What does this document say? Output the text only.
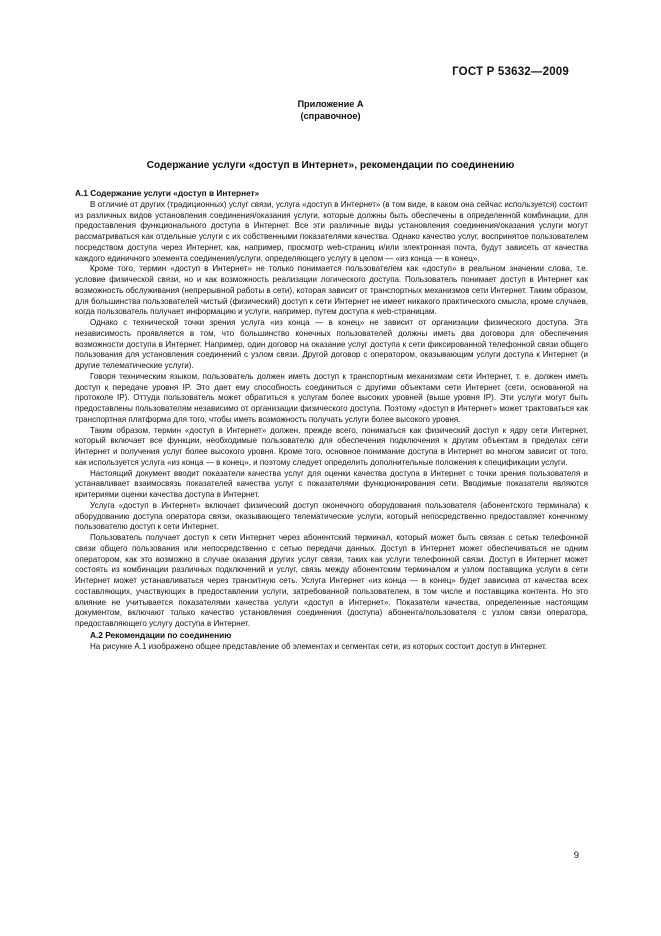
ГОСТ Р 53632—2009
Приложение А
(справочное)
Содержание услуги «доступ в Интернет», рекомендации по соединению
А.1 Содержание услуги «доступ в Интернет»

В отличие от других (традиционных) услуг связи, услуга «доступ в Интернет» (в том виде, в каком она сейчас используется) состоит из различных видов установления соединения/оказания услуги, которые должны быть обеспечены в определенной комбинации, для предоставления функционального доступа в Интернет. Все эти различные виды установления соединения/оказания услуги могут рассматриваться как отдельные услуги с их собственными показателями качества. Однако качество услуг, воспринятое пользователем посредством доступа через Интернет, как, например, просмотр web-страниц и/или электронная почта, будут зависеть от качества каждого единичного элемента соединения/услуги, определяющего услугу в целом — «из конца — в конец».

Кроме того, термин «доступ в Интернет» не только понимается пользователем как «доступ» в реальном значении слова, т.е. условие физической связи, но и как возможность реализации логического доступа. Пользователь понимает доступ в Интернет как возможность обслуживания (непрерывной работы в сети), которая зависит от транспортных механизмов сети Интернет. Таким образом, для большинства пользователей чистый (физический) доступ к сети Интернет не имеет никакого практического смысла, кроме случаев, когда пользователь получает информацию и услуги, например, путем доступа к web-страницам.

Однако с технической точки зрения услуга «из конца — в конец» не зависит от организации физического доступа. Эта независимость проявляется в том, что большинство конечных пользователей должны иметь два договора для обеспечения возможности доступа в Интернет. Например, один договор на оказание услуг доступа к сети фиксированной телефонной связи общего пользования для установления соединений с узлом связи. Другой договор с оператором, оказывающим услуги доступа к Интернет (и другие телематические услуги).

Говоря техническим языком, пользователь должен иметь доступ к транспортным механизмам сети Интернет, т. е. должен иметь доступ к передаче уровня IP. Это дает ему способность соединиться с другими объектами сети Интернет (сети, основанной на протоколе IP). Оттуда пользователь может обратиться к услугам более высоких уровней (выше уровня IP). Эти услуги могут быть предоставлены пользователям независимо от организации физического доступа. Поэтому «доступ в Интернет» может трактоваться как транспортная платформа для того, чтобы иметь возможность получать услуги более высокого уровня.

Таким образом, термин «доступ в Интернет» должен, прежде всего, пониматься как физический доступ к ядру сети Интернет, который включает все функции, необходимые пользователю для обеспечения подключения к другим объектам в пределах сети Интернет и получения услуг более высокого уровня. Кроме того, основное понимание доступа в Интернет во многом зависит от того, как используется услуга «из конца — в конец», и поэтому следует определить дополнительные положения к спецификации услуги.

Настоящий документ вводит показатели качества услуг для оценки качества доступа в Интернет с точки зрения пользователя и устанавливает взаимосвязь показателей качества услуг с показателями функционирования сети. Вводимые показатели являются критериями оценки качества доступа в Интернет.

Услуга «доступ в Интернет» включает физический доступ оконечного оборудования пользователя (абонентского терминала) к оборудованию доступа оператора связи, оказывающего телематические услуги, который непосредственно предоставляет конечному пользователю доступ к сети Интернет.

Пользователь получает доступ к сети Интернет через абонентский терминал, который может быть связан с сетью телефонной связи общего пользования или непосредственно с сетью передачи данных. Доступ в Интернет может обеспечиваться не одним оператором, как это возможно в случае оказания других услуг связи, таких как услуги телефонной связи. Доступ в Интернет может состоять из комбинации различных подключений и услуг, связь между абонентским терминалом и узлом поставщика услуги в сети Интернет может устанавливаться через транзитную сеть. Услуга Интернет «из конца — в конец» будет зависима от качества всех составляющих, участвующих в предоставлении услуги, затребованной пользователем, в том числе и поставщика контента. Но это влияние не учитывается показателями качества услуги «доступ в Интернет». Показатели качества, определенные настоящим документом, включают только качество установления соединения (доступа) абонента/пользователя с узлом связи оператора, предоставляющего услугу доступа в Интернет.

А.2 Рекомендации по соединению

На рисунке А.1 изображено общее представление об элементах и сегментах сети, из которых состоит доступ в Интернет.

9
